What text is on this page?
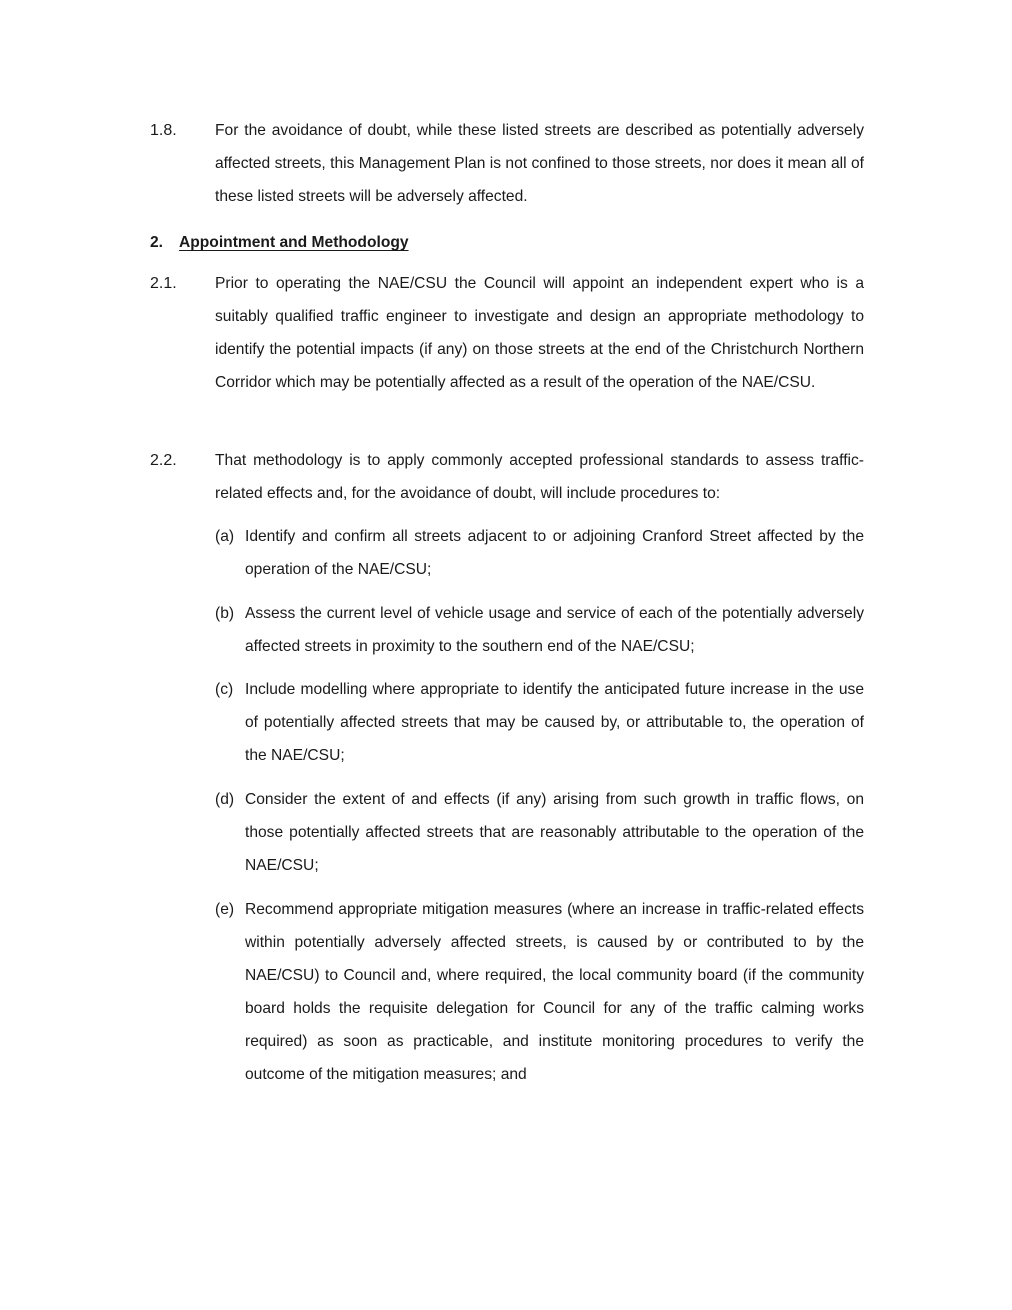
1.8. For the avoidance of doubt, while these listed streets are described as potentially adversely affected streets, this Management Plan is not confined to those streets, nor does it mean all of these listed streets will be adversely affected.
2. Appointment and Methodology
2.1. Prior to operating the NAE/CSU the Council will appoint an independent expert who is a suitably qualified traffic engineer to investigate and design an appropriate methodology to identify the potential impacts (if any) on those streets at the end of the Christchurch Northern Corridor which may be potentially affected as a result of the operation of the NAE/CSU.
2.2. That methodology is to apply commonly accepted professional standards to assess traffic-related effects and, for the avoidance of doubt, will include procedures to:
(a) Identify and confirm all streets adjacent to or adjoining Cranford Street affected by the operation of the NAE/CSU;
(b) Assess the current level of vehicle usage and service of each of the potentially adversely affected streets in proximity to the southern end of the NAE/CSU;
(c) Include modelling where appropriate to identify the anticipated future increase in the use of potentially affected streets that may be caused by, or attributable to, the operation of the NAE/CSU;
(d) Consider the extent of and effects (if any) arising from such growth in traffic flows, on those potentially affected streets that are reasonably attributable to the operation of the NAE/CSU;
(e) Recommend appropriate mitigation measures (where an increase in traffic-related effects within potentially adversely affected streets, is caused by or contributed to by the NAE/CSU) to Council and, where required, the local community board (if the community board holds the requisite delegation for Council for any of the traffic calming works required) as soon as practicable, and institute monitoring procedures to verify the outcome of the mitigation measures; and
